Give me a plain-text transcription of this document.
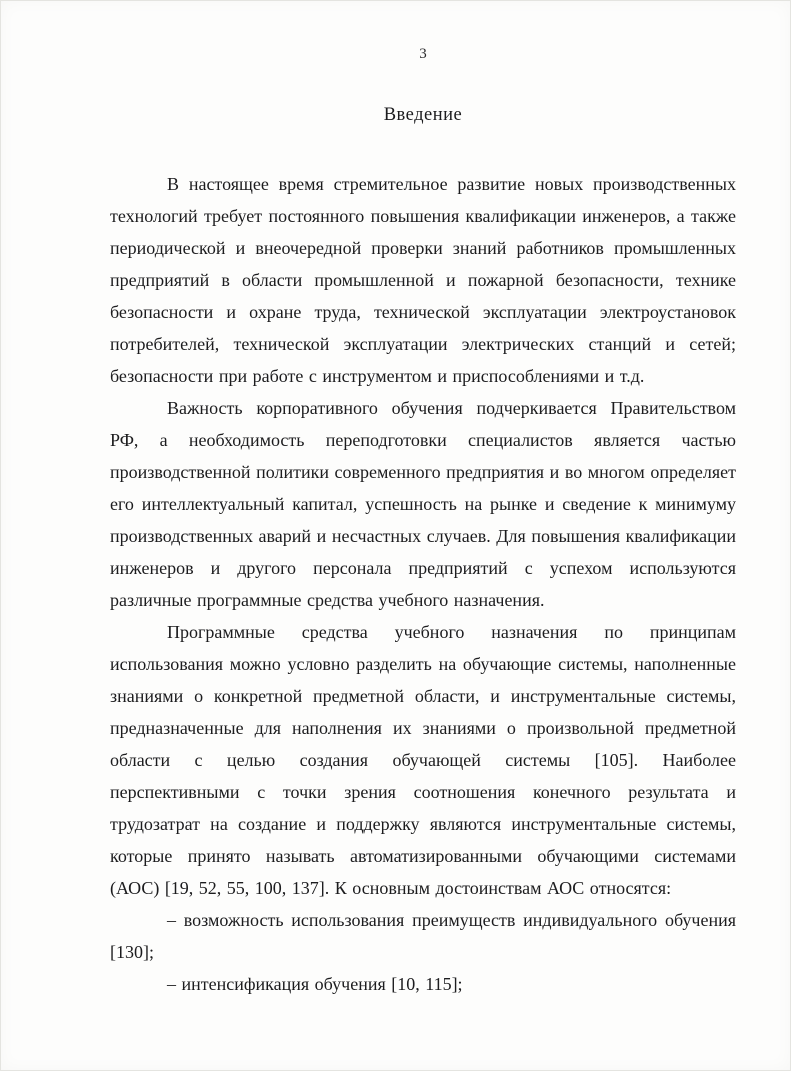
3
Введение

В настоящее время стремительное развитие новых производственных технологий требует постоянного повышения квалификации инженеров, а также периодической и внеочередной проверки знаний работников промышленных предприятий в области промышленной и пожарной безопасности, технике безопасности и охране труда, технической эксплуатации электроустановок потребителей, технической эксплуатации электрических станций и сетей; безопасности при работе с инструментом и приспособлениями и т.д.

Важность корпоративного обучения подчеркивается Правительством РФ, а необходимость переподготовки специалистов является частью производственной политики современного предприятия и во многом определяет его интеллектуальный капитал, успешность на рынке и сведение к минимуму производственных аварий и несчастных случаев. Для повышения квалификации инженеров и другого персонала предприятий с успехом используются различные программные средства учебного назначения.

Программные средства учебного назначения по принципам использования можно условно разделить на обучающие системы, наполненные знаниями о конкретной предметной области, и инструментальные системы, предназначенные для наполнения их знаниями о произвольной предметной области с целью создания обучающей системы [105]. Наиболее перспективными с точки зрения соотношения конечного результата и трудозатрат на создание и поддержку являются инструментальные системы, которые принято называть автоматизированными обучающими системами (АОС) [19, 52, 55, 100, 137]. К основным достоинствам АОС относятся:

– возможность использования преимуществ индивидуального обучения [130];

– интенсификация обучения [10, 115];
